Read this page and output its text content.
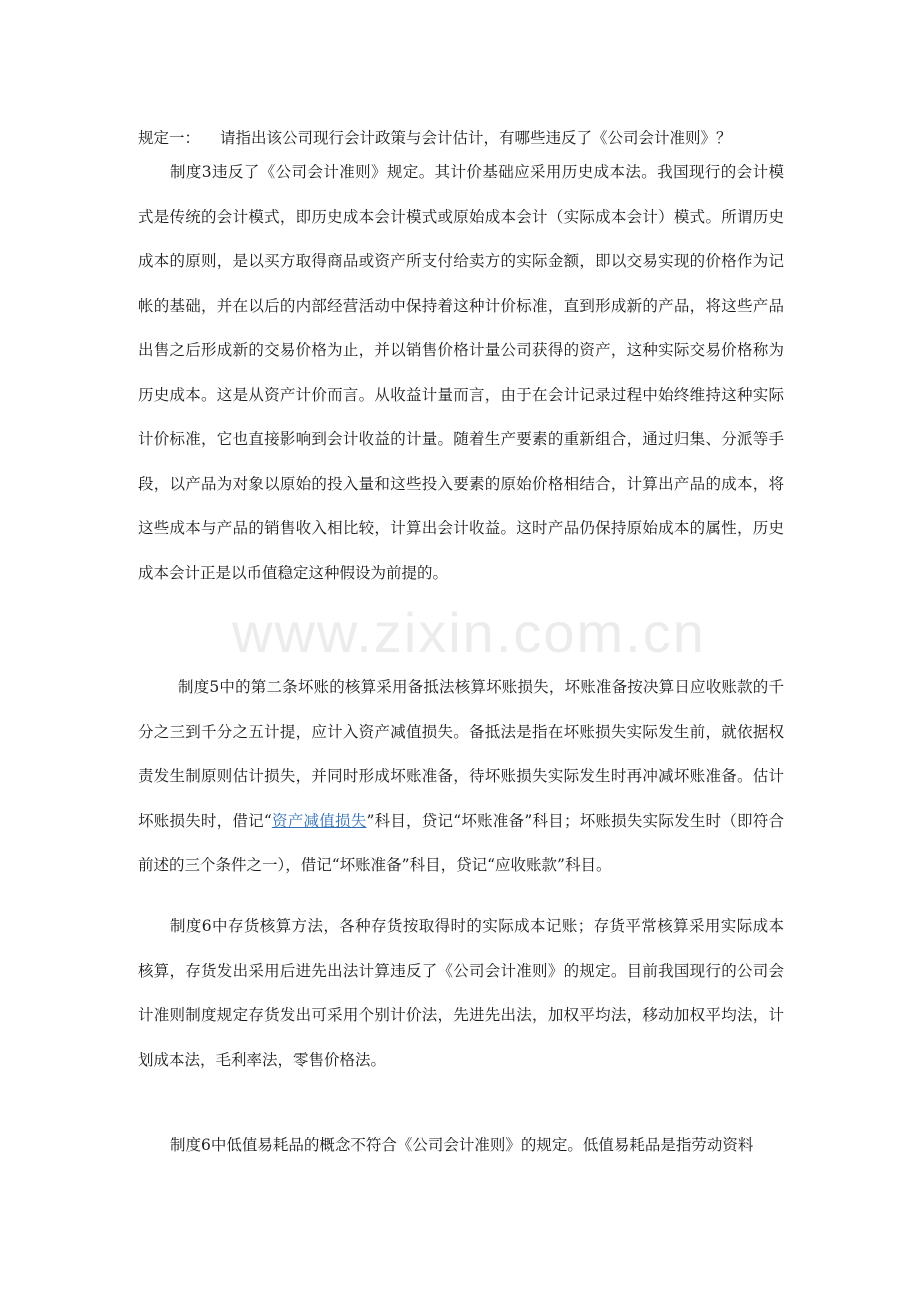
www.zixin.com.cn
规定一： 请指出该公司现行会计政策与会计估计，有哪些违反了《公司会计准则》？

制度3违反了《公司会计准则》规定。其计价基础应采用历史成本法。我国现行的会计模式是传统的会计模式，即历史成本会计模式或原始成本会计（实际成本会计）模式。所谓历史成本的原则，是以买方取得商品或资产所支付给卖方的实际金额，即以交易实现的价格作为记帐的基础，并在以后的内部经营活动中保持着这种计价标准，直到形成新的产品，将这些产品出售之后形成新的交易价格为止，并以销售价格计量公司获得的资产，这种实际交易价格称为历史成本。这是从资产计价而言。从收益计量而言，由于在会计记录过程中始终维持这种实际计价标准，它也直接影响到会计收益的计量。随着生产要素的重新组合，通过归集、分派等手段，以产品为对象以原始的投入量和这些投入要素的原始价格相结合，计算出产品的成本，将这些成本与产品的销售收入相比较，计算出会计收益。这时产品仍保持原始成本的属性，历史成本会计正是以币值稳定这种假设为前提的。

制度5中的第二条坏账的核算采用备抵法核算坏账损失，坏账准备按决算日应收账款的千分之三到千分之五计提，应计入资产减值损失。备抵法是指在坏账损失实际发生前，就依据权责发生制原则估计损失，并同时形成坏账准备，待坏账损失实际发生时再冲减坏账准备。估计坏账损失时，借记“资产减值损失”科目，贷记“坏账准备”科目；坏账损失实际发生时（即符合前述的三个条件之一），借记“坏账准备”科目，贷记“应收账款”科目。

制度6中存货核算方法，各种存货按取得时的实际成本记账；存货平常核算采用实际成本核算，存货发出采用后进先出法计算违反了《公司会计准则》的规定。目前我国现行的公司会计准则制度规定存货发出可采用个别计价法，先进先出法，加权平均法，移动加权平均法，计划成本法，毛利率法，零售价格法。

制度6中低值易耗品的概念不符合《公司会计准则》的规定。低值易耗品是指劳动资料
